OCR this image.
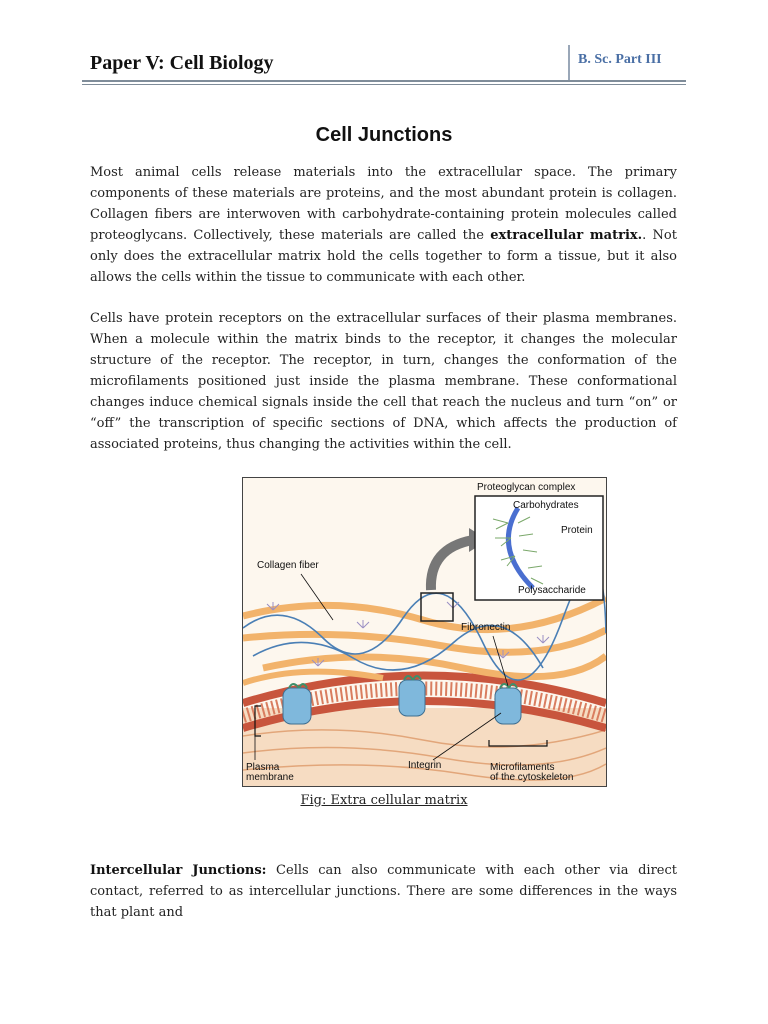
Paper V: Cell Biology	B. Sc. Part III
Cell Junctions

Most animal cells release materials into the extracellular space. The primary components of these materials are proteins, and the most abundant protein is collagen. Collagen fibers are interwoven with carbohydrate-containing protein molecules called proteoglycans. Collectively, these materials are called the extracellular matrix.. Not only does the extracellular matrix hold the cells together to form a tissue, but it also allows the cells within the tissue to communicate with each other.

Cells have protein receptors on the extracellular surfaces of their plasma membranes. When a molecule within the matrix binds to the receptor, it changes the molecular structure of the receptor. The receptor, in turn, changes the conformation of the microfilaments positioned just inside the plasma membrane. These conformational changes induce chemical signals inside the cell that reach the nucleus and turn “on” or “off” the transcription of specific sections of DNA, which affects the production of associated proteins, thus changing the activities within the cell.

Proteoglycan complex
Carbohydrates
Protein
Polysaccharide
Collagen fiber
Fibronectin
Plasma
membrane
Integrin	Microfilaments
of the cytoskeleton
Fig: Extra cellular matrix

Intercellular Junctions: Cells can also communicate with each other via direct contact, referred to as intercellular junctions. There are some differences in the ways that plant and
